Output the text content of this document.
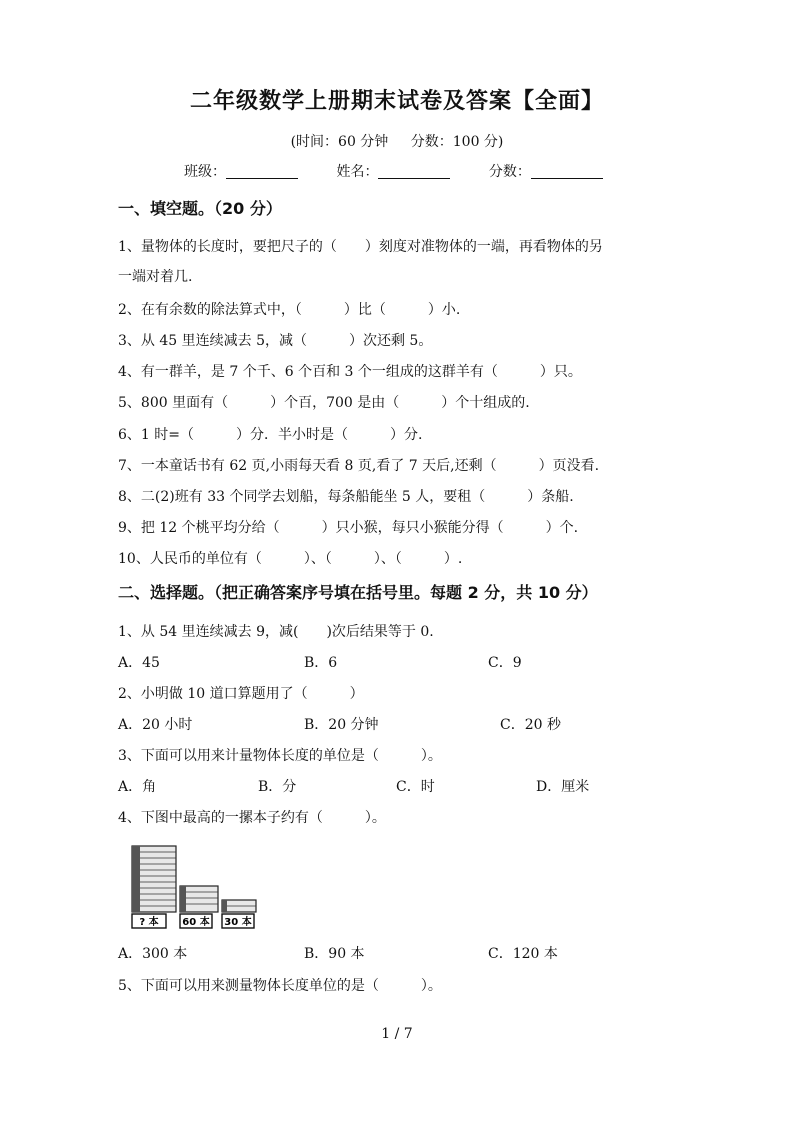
二年级数学上册期末试卷及答案【全面】
(时间：60 分钟 分数：100 分)
班级：	姓名：	分数：
一、填空题。（20 分）
1、量物体的长度时，要把尺子的（　　）刻度对准物体的一端，再看物体的另
一端对着几.
2、在有余数的除法算式中，（　　　）比（　　　）小.
3、从 45 里连续减去 5，减（　　　）次还剩 5。
4、有一群羊，是 7 个千、6 个百和 3 个一组成的这群羊有（　　　）只。
5、800 里面有（　　　）个百，700 是由（　　　）个十组成的.
6、1 时=（　　　）分．半小时是（　　　）分.
7、一本童话书有 62 页,小雨每天看 8 页,看了 7 天后,还剩（　　　）页没看.
8、二(2)班有 33 个同学去划船，每条船能坐 5 人，要租（　　　）条船.
9、把 12 个桃平均分给（　　　）只小猴，每只小猴能分得（　　　）个.
10、人民币的单位有（　　　）、（　　　）、（　　　）.
二、选择题。（把正确答案序号填在括号里。每题 2 分，共 10 分）
1、从 54 里连续减去 9，减(　　)次后结果等于 0.
A．45	B．6	C．9
2、小明做 10 道口算题用了（　　　）
A．20 小时	B．20 分钟	C．20 秒
3、下面可以用来计量物体长度的单位是（　　　）。
A．角	B．分	C．时	D．厘米
4、下图中最高的一摞本子约有（　　　）。
? 本 60 本 30 本
A．300 本	B．90 本	C．120 本
5、下面可以用来测量物体长度单位的是（　　　）。
1 / 7
